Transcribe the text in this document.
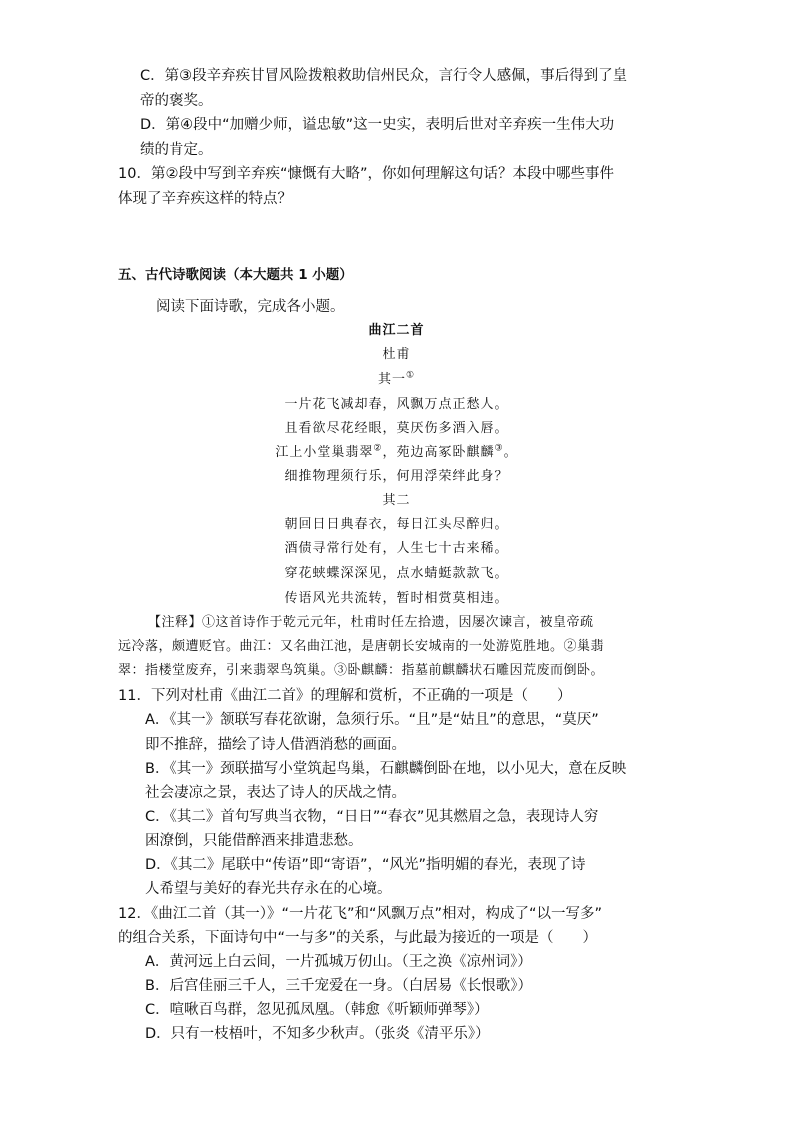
C．第③段辛弃疾甘冒风险拨粮救助信州民众，言行令人感佩，事后得到了皇
帝的褒奖。
D．第④段中“加赠少师，谥忠敏”这一史实，表明后世对辛弃疾一生伟大功
绩的肯定。
10．第②段中写到辛弃疾“慷慨有大略”，你如何理解这句话？本段中哪些事件
体现了辛弃疾这样的特点？
五、古代诗歌阅读（本大题共 1 小题）
阅读下面诗歌，完成各小题。
曲江二首
杜甫
其一①
一片花飞减却春，风飘万点正愁人。
且看欲尽花经眼，莫厌伤多酒入唇。
江上小堂巢翡翠②，苑边高冢卧麒麟③。
细推物理须行乐，何用浮荣绊此身？
其二
朝回日日典春衣，每日江头尽醉归。
酒债寻常行处有，人生七十古来稀。
穿花蛱蝶深深见，点水蜻蜓款款飞。
传语风光共流转，暂时相赏莫相违。
【注释】①这首诗作于乾元元年，杜甫时任左拾遗，因屡次谏言，被皇帝疏
远冷落，颇遭贬官。曲江：又名曲江池，是唐朝长安城南的一处游览胜地。②巢翡
翠：指楼堂废弃，引来翡翠鸟筑巢。③卧麒麟：指墓前麒麟状石雕因荒废而倒卧。
11．下列对杜甫《曲江二首》的理解和赏析，不正确的一项是（　　）
A．《其一》颔联写春花欲谢，急须行乐。“且”是“姑且”的意思，“莫厌”
即不推辞，描绘了诗人借酒消愁的画面。
B．《其一》颈联描写小堂筑起鸟巢，石麒麟倒卧在地，以小见大，意在反映
社会凄凉之景，表达了诗人的厌战之情。
C．《其二》首句写典当衣物，“日日”“春衣”见其燃眉之急，表现诗人穷
困潦倒，只能借醉酒来排遣悲愁。
D．《其二》尾联中“传语”即“寄语”，“风光”指明媚的春光，表现了诗
人希望与美好的春光共存永在的心境。
12．《曲江二首（其一）》“一片花飞”和“风飘万点”相对，构成了“以一写多”
的组合关系，下面诗句中“一与多”的关系，与此最为接近的一项是（　　）
A．黄河远上白云间，一片孤城万仞山。（王之涣《凉州词》）
B．后宫佳丽三千人，三千宠爱在一身。（白居易《长恨歌》）
C．喧啾百鸟群，忽见孤凤凰。（韩愈《听颖师弹琴》）
D．只有一枝梧叶，不知多少秋声。（张炎《清平乐》）
